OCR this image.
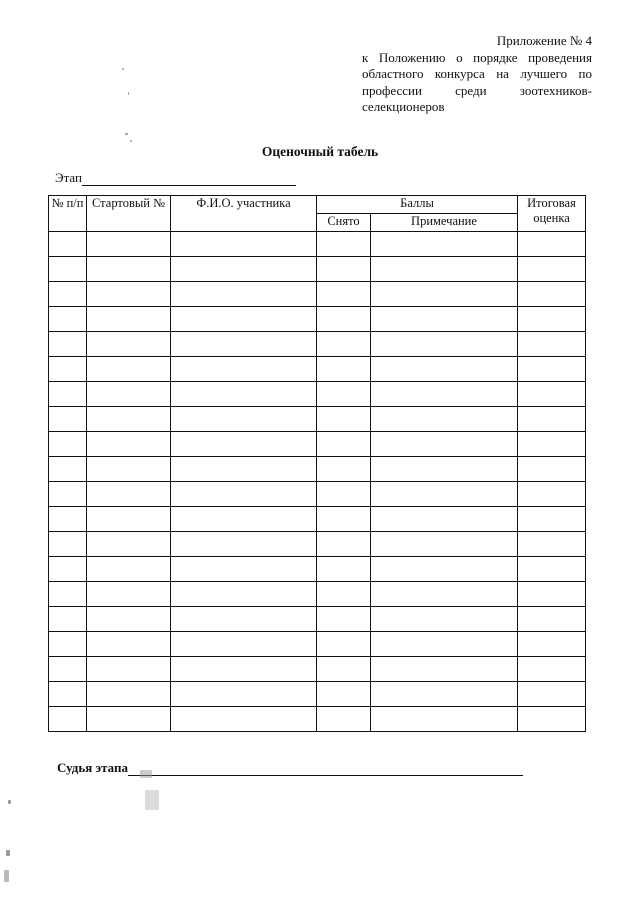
Приложение № 4
к Положению о порядке проведения областного конкурса на лучшего по профессии среди зоотехников-селекционеров
Оценочный табель
Этап
№ п/п	Стартовый №	Ф.И.О. участника	Баллы		Итоговая оценка
			Снято	Примечание	

Судья этапа
